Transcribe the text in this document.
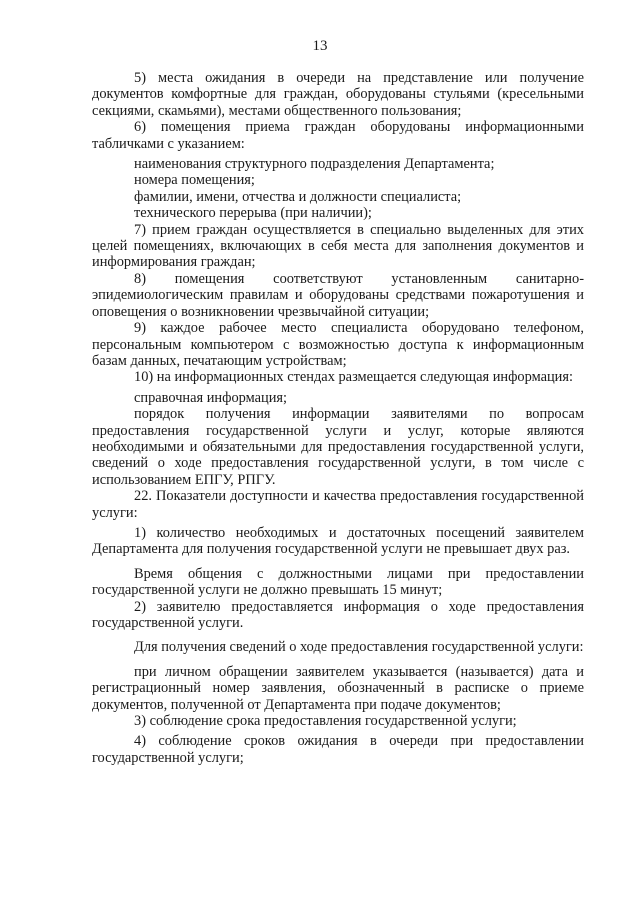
13

5) места ожидания в очереди на представление или получение документов комфортные для граждан, оборудованы стульями (кресельными секциями, скамьями), местами общественного пользования;

6) помещения приема граждан оборудованы информационными табличками с указанием:

наименования структурного подразделения Департамента;

номера помещения;

фамилии, имени, отчества и должности специалиста;

технического перерыва (при наличии);

7) прием граждан осуществляется в специально выделенных для этих целей помещениях, включающих в себя места для заполнения документов и информирования граждан;

8) помещения соответствуют установленным санитарно-эпидемиологическим правилам и оборудованы средствами пожаротушения и оповещения о возникновении чрезвычайной ситуации;

9) каждое рабочее место специалиста оборудовано телефоном, персональным компьютером с возможностью доступа к информационным базам данных, печатающим устройствам;

10) на информационных стендах размещается следующая информация:

справочная информация;

порядок получения информации заявителями по вопросам предоставления государственной услуги и услуг, которые являются необходимыми и обязательными для предоставления государственной услуги, сведений о ходе предоставления государственной услуги, в том числе с использованием ЕПГУ, РПГУ.

22. Показатели доступности и качества предоставления государственной услуги:

1) количество необходимых и достаточных посещений заявителем Департамента для получения государственной услуги не превышает двух раз.

Время общения с должностными лицами при предоставлении государственной услуги не должно превышать 15 минут;

2) заявителю предоставляется информация о ходе предоставления государственной услуги.

Для получения сведений о ходе предоставления государственной услуги:

при личном обращении заявителем указывается (называется) дата и регистрационный номер заявления, обозначенный в расписке о приеме документов, полученной от Департамента при подаче документов;

3) соблюдение срока предоставления государственной услуги;

4) соблюдение сроков ожидания в очереди при предоставлении государственной услуги;
